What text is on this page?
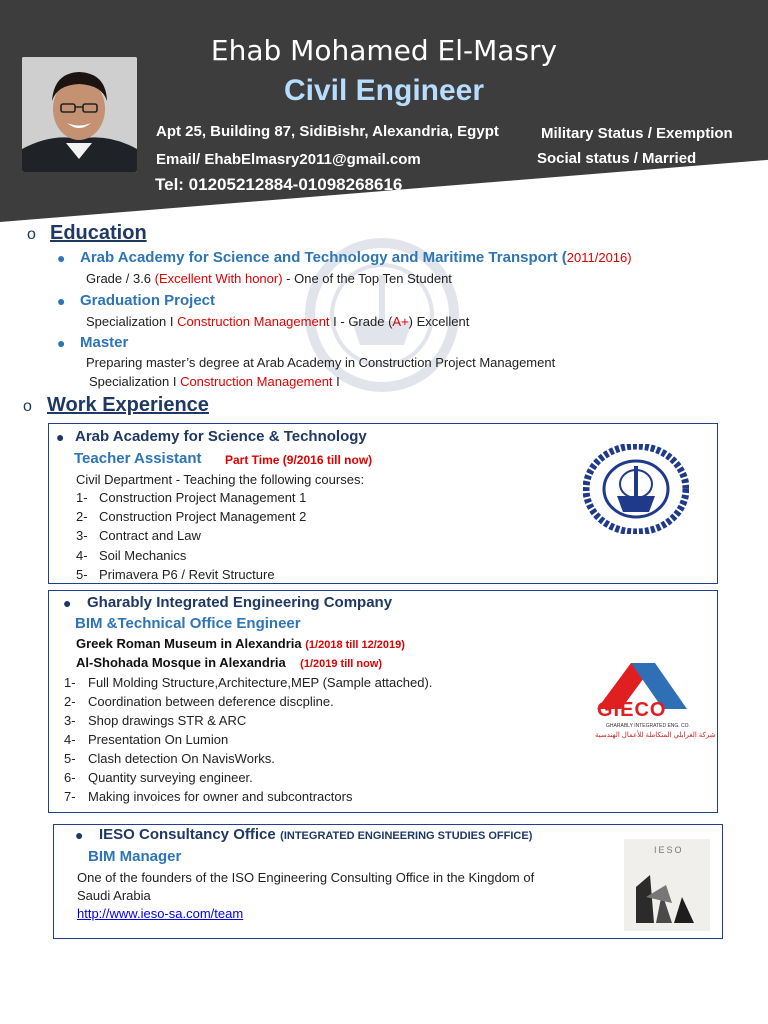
Ehab Mohamed El-Masry
Civil Engineer
Apt 25, Building 87, SidiBishr, Alexandria, Egypt
Email/ EhabElmasry2011@gmail.com
Tel: 01205212884-01098268616
Military Status / Exemption
Social status / Married
o Education
● Arab Academy for Science and Technology and Maritime Transport (2011/2016)
Grade / 3.6 (Excellent With honor) - One of the Top Ten Student
● Graduation Project
Specialization I Construction Management I - Grade (A+) Excellent
● Master
Preparing master’s degree at Arab Academy in Construction Project Management
Specialization I Construction Management I
o Work Experience
● Arab Academy for Science & Technology
Teacher Assistant Part Time (9/2016 till now)
Civil Department - Teaching the following courses:
1- Construction Project Management 1
2- Construction Project Management 2
3- Contract and Law
4- Soil Mechanics
5- Primavera P6 / Revit Structure
● Gharably Integrated Engineering Company
BIM &Technical Office Engineer
Greek Roman Museum in Alexandria (1/2018 till 12/2019)
Al-Shohada Mosque in Alexandria (1/2019 till now)
1- Full Molding Structure,Architecture,MEP (Sample attached).
2- Coordination between deference discpline.
3- Shop drawings STR & ARC
4- Presentation On Lumion
5- Clash detection On NavisWorks.
6- Quantity surveying engineer.
7- Making invoices for owner and subcontractors
GIECO
GHARABLY INTEGRATED ENG. CO.
شركة الغرابلي المتكاملة للأعمال الهندسية
● IESO Consultancy Office (INTEGRATED ENGINEERING STUDIES OFFICE)
BIM Manager
One of the founders of the ISO Engineering Consulting Office in the Kingdom of
Saudi Arabia
http://www.ieso-sa.com/team
IESO
